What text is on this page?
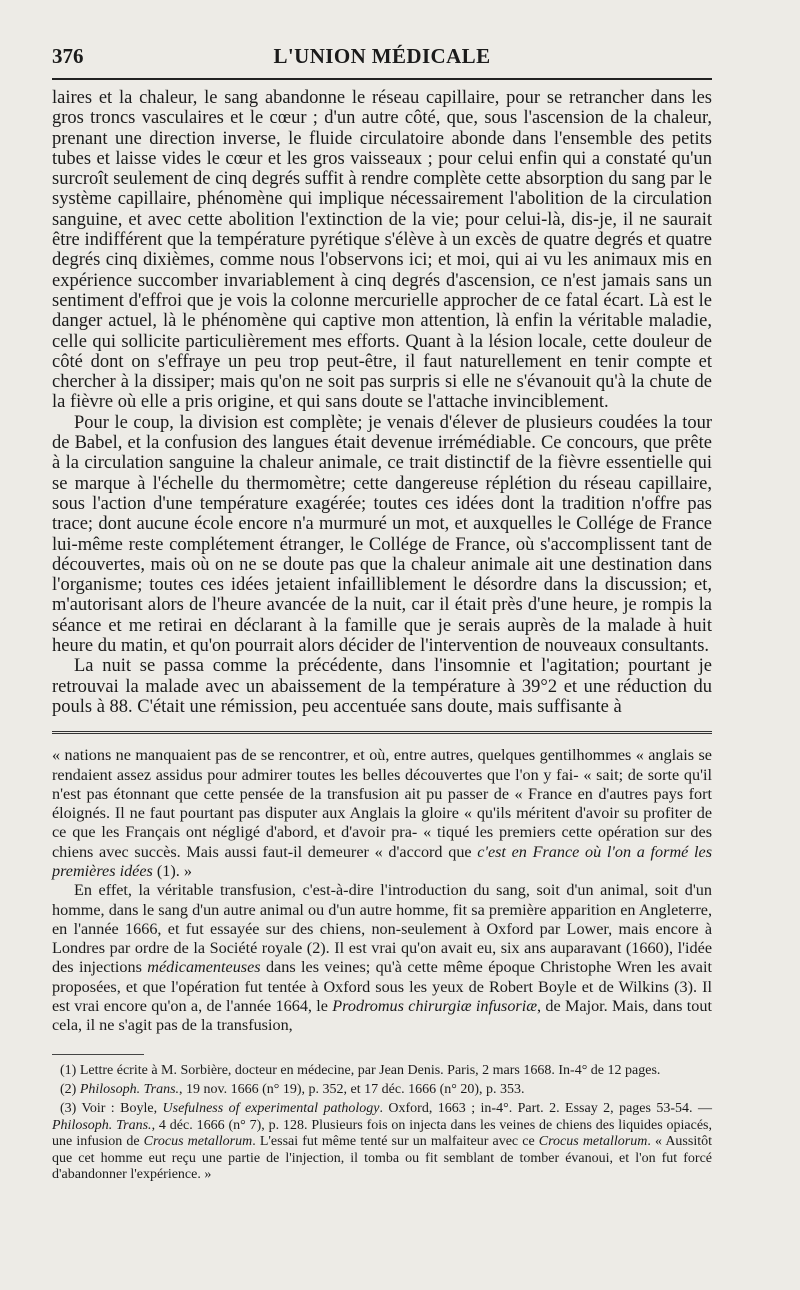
376	L'UNION MÉDICALE

laires et la chaleur, le sang abandonne le réseau capillaire, pour se retrancher dans les gros troncs vasculaires et le cœur ; d'un autre côté, que, sous l'ascension de la chaleur, prenant une direction inverse, le fluide circulatoire abonde dans l'ensemble des petits tubes et laisse vides le cœur et les gros vaisseaux ; pour celui enfin qui a constaté qu'un surcroît seulement de cinq degrés suffit à rendre complète cette absorption du sang par le système capillaire, phénomène qui implique nécessairement l'abolition de la circulation sanguine, et avec cette abolition l'extinction de la vie; pour celui-là, dis-je, il ne saurait être indifférent que la température pyrétique s'élève à un excès de quatre degrés et quatre degrés cinq dixièmes, comme nous l'observons ici; et moi, qui ai vu les animaux mis en expérience succomber invariablement à cinq degrés d'ascension, ce n'est jamais sans un sentiment d'effroi que je vois la colonne mercurielle approcher de ce fatal écart. Là est le danger actuel, là le phénomène qui captive mon attention, là enfin la véritable maladie, celle qui sollicite particulièrement mes efforts. Quant à la lésion locale, cette douleur de côté dont on s'effraye un peu trop peut-être, il faut naturellement en tenir compte et chercher à la dissiper; mais qu'on ne soit pas surpris si elle ne s'évanouit qu'à la chute de la fièvre où elle a pris origine, et qui sans doute se l'attache invinciblement.

Pour le coup, la division est complète; je venais d'élever de plusieurs coudées la tour de Babel, et la confusion des langues était devenue irrémédiable. Ce concours, que prête à la circulation sanguine la chaleur animale, ce trait distinctif de la fièvre essentielle qui se marque à l'échelle du thermomètre; cette dangereuse réplétion du réseau capillaire, sous l'action d'une température exagérée; toutes ces idées dont la tradition n'offre pas trace; dont aucune école encore n'a murmuré un mot, et auxquelles le Collége de France lui-même reste complétement étranger, le Collége de France, où s'accomplissent tant de découvertes, mais où on ne se doute pas que la chaleur animale ait une destination dans l'organisme; toutes ces idées jetaient infailliblement le désordre dans la discussion; et, m'autorisant alors de l'heure avancée de la nuit, car il était près d'une heure, je rompis la séance et me retirai en déclarant à la famille que je serais auprès de la malade à huit heure du matin, et qu'on pourrait alors décider de l'intervention de nouveaux consultants.

La nuit se passa comme la précédente, dans l'insomnie et l'agitation; pourtant je retrouvai la malade avec un abaissement de la température à 39°2 et une réduction du pouls à 88. C'était une rémission, peu accentuée sans doute, mais suffisante à

« nations ne manquaient pas de se rencontrer, et où, entre autres, quelques gentilhommes « anglais se rendaient assez assidus pour admirer toutes les belles découvertes que l'on y fai- « sait; de sorte qu'il n'est pas étonnant que cette pensée de la transfusion ait pu passer de « France en d'autres pays fort éloignés. Il ne faut pourtant pas disputer aux Anglais la gloire « qu'ils méritent d'avoir su profiter de ce que les Français ont négligé d'abord, et d'avoir pra- « tiqué les premiers cette opération sur des chiens avec succès. Mais aussi faut-il demeurer « d'accord que c'est en France où l'on a formé les premières idées (1). »

En effet, la véritable transfusion, c'est-à-dire l'introduction du sang, soit d'un animal, soit d'un homme, dans le sang d'un autre animal ou d'un autre homme, fit sa première apparition en Angleterre, en l'année 1666, et fut essayée sur des chiens, non-seulement à Oxford par Lower, mais encore à Londres par ordre de la Société royale (2). Il est vrai qu'on avait eu, six ans auparavant (1660), l'idée des injections médicamenteuses dans les veines; qu'à cette même époque Christophe Wren les avait proposées, et que l'opération fut tentée à Oxford sous les yeux de Robert Boyle et de Wilkins (3). Il est vrai encore qu'on a, de l'année 1664, le Prodromus chirurgiæ infusoriæ, de Major. Mais, dans tout cela, il ne s'agit pas de la transfusion,

(1) Lettre écrite à M. Sorbière, docteur en médecine, par Jean Denis. Paris, 2 mars 1668. In-4° de 12 pages.

(2) Philosoph. Trans., 19 nov. 1666 (n° 19), p. 352, et 17 déc. 1666 (n° 20), p. 353.

(3) Voir : Boyle, Usefulness of experimental pathology. Oxford, 1663 ; in-4°. Part. 2. Essay 2, pages 53-54. — Philosoph. Trans., 4 déc. 1666 (n° 7), p. 128. Plusieurs fois on injecta dans les veines de chiens des liquides opiacés, une infusion de Crocus metallorum. L'essai fut même tenté sur un malfaiteur avec ce Crocus metallorum. « Aussitôt que cet homme eut reçu une partie de l'injection, il tomba ou fit semblant de tomber évanoui, et l'on fut forcé d'abandonner l'expérience. »
